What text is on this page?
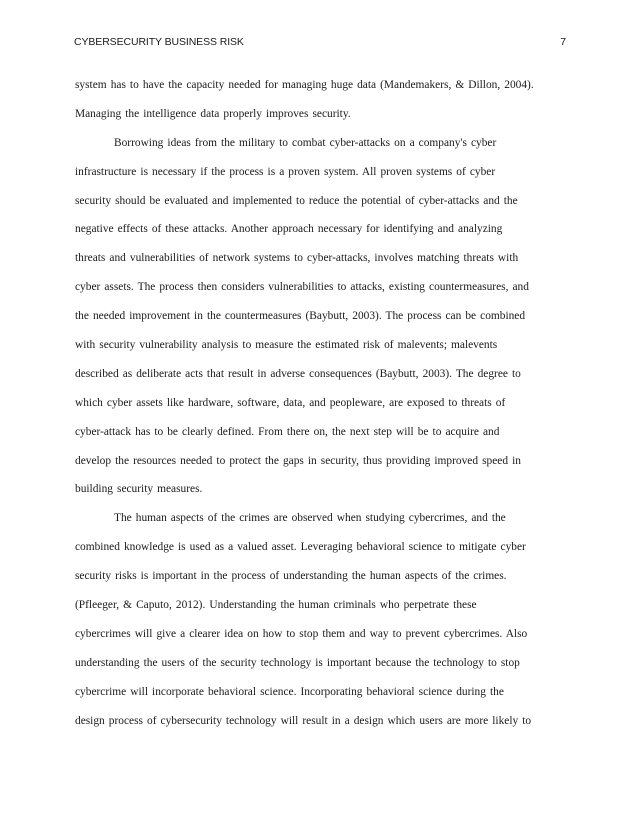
CYBERSECURITY BUSINESS RISK	7
system has to have the capacity needed for managing huge data (Mandemakers, & Dillon, 2004).
Managing the intelligence data properly improves security.
Borrowing ideas from the military to combat cyber-attacks on a company's cyber
infrastructure is necessary if the process is a proven system. All proven systems of cyber
security should be evaluated and implemented to reduce the potential of cyber-attacks and the
negative effects of these attacks. Another approach necessary for identifying and analyzing
threats and vulnerabilities of network systems to cyber-attacks, involves matching threats with
cyber assets. The process then considers vulnerabilities to attacks, existing countermeasures, and
the needed improvement in the countermeasures (Baybutt, 2003). The process can be combined
with security vulnerability analysis to measure the estimated risk of malevents; malevents
described as deliberate acts that result in adverse consequences (Baybutt, 2003). The degree to
which cyber assets like hardware, software, data, and peopleware, are exposed to threats of
cyber-attack has to be clearly defined. From there on, the next step will be to acquire and
develop the resources needed to protect the gaps in security, thus providing improved speed in
building security measures.
The human aspects of the crimes are observed when studying cybercrimes, and the
combined knowledge is used as a valued asset. Leveraging behavioral science to mitigate cyber
security risks is important in the process of understanding the human aspects of the crimes.
(Pfleeger, & Caputo, 2012). Understanding the human criminals who perpetrate these
cybercrimes will give a clearer idea on how to stop them and way to prevent cybercrimes. Also
understanding the users of the security technology is important because the technology to stop
cybercrime will incorporate behavioral science. Incorporating behavioral science during the
design process of cybersecurity technology will result in a design which users are more likely to
